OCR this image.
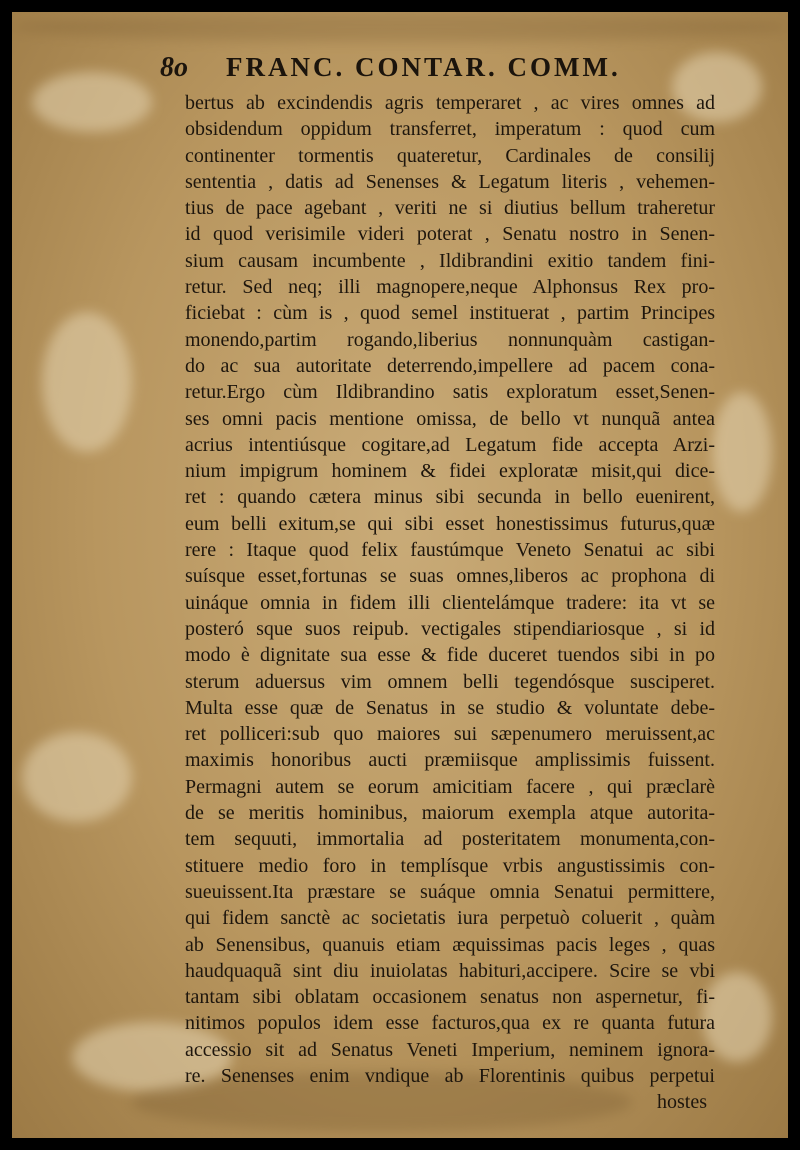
8o FRANC. CONTAR. COMM.
bertus ab excindendis agris temperaret , ac vires omnes ad
obsidendum oppidum transferret, imperatum : quod cum
continenter tormentis quateretur, Cardinales de consilij
sententia , datis ad Senenses & Legatum literis , vehemen-
tius de pace agebant , veriti ne si diutius bellum traheretur
id quod verisimile videri poterat , Senatu nostro in Senen-
sium causam incumbente , Ildibrandini exitio tandem fini-
retur. Sed neq; illi magnopere,neque Alphonsus Rex pro-
ficiebat : cùm is , quod semel instituerat , partim Principes
monendo,partim rogando,liberius nonnunquàm castigan-
do ac sua autoritate deterrendo,impellere ad pacem cona-
retur.Ergo cùm Ildibrandino satis exploratum esset,Senen-
ses omni pacis mentione omissa, de bello vt nunquã antea
acrius intentiúsque cogitare,ad Legatum fide accepta Arzi-
nium impigrum hominem & fidei exploratæ misit,qui dice-
ret : quando cætera minus sibi secunda in bello euenirent,
eum belli exitum,se qui sibi esset honestissimus futurus,quæ
rere : Itaque quod felix faustúmque Veneto Senatui ac sibi
suísque esset,fortunas se suas omnes,liberos ac prophona di
uináque omnia in fidem illi clientelámque tradere: ita vt se
posteró sque suos reipub. vectigales stipendiariosque , si id
modo è dignitate sua esse & fide duceret tuendos sibi in po
sterum aduersus vim omnem belli tegendósque susciperet.
Multa esse quæ de Senatus in se studio & voluntate debe-
ret polliceri:sub quo maiores sui sæpenumero meruissent,ac
maximis honoribus aucti præmiisque amplissimis fuissent.
Permagni autem se eorum amicitiam facere , qui præclarè
de se meritis hominibus, maiorum exempla atque autorita-
tem sequuti, immortalia ad posteritatem monumenta,con-
stituere medio foro in templísque vrbis angustissimis con-
sueuissent.Ita præstare se suáque omnia Senatui permittere,
qui fidem sanctè ac societatis iura perpetuò coluerit , quàm
ab Senensibus, quanuis etiam æquissimas pacis leges , quas
haudquaquã sint diu inuiolatas habituri,accipere. Scire se vbi
tantam sibi oblatam occasionem senatus non aspernetur, fi-
nitimos populos idem esse facturos,qua ex re quanta futura
accessio sit ad Senatus Veneti Imperium, neminem ignora-
re. Senenses enim vndique ab Florentinis quibus perpetui
hostes
